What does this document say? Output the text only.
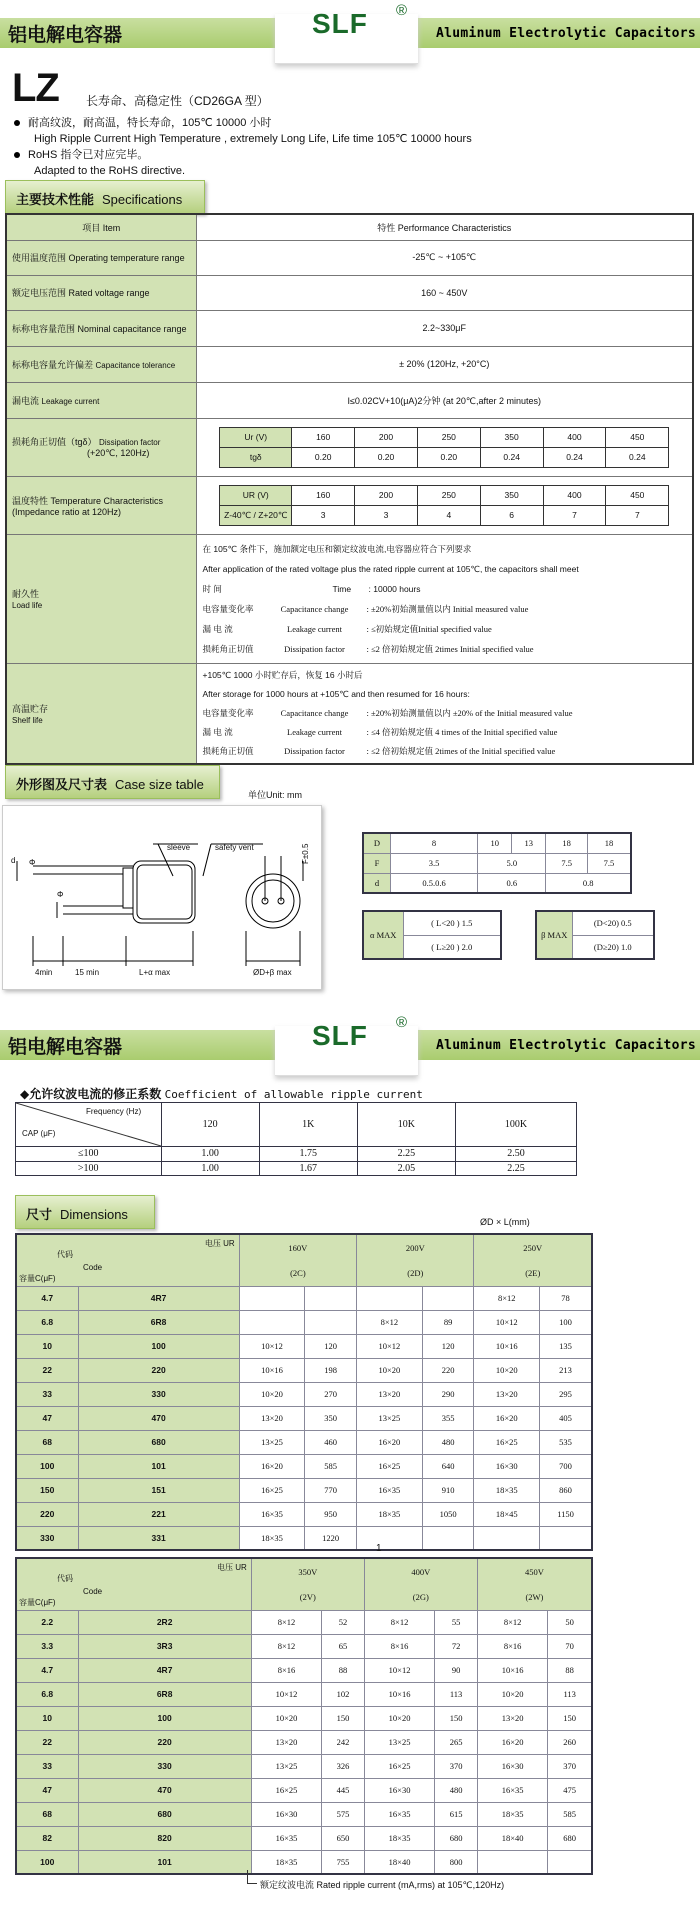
铝电解电容器	SLF ®
Aluminum Electrolytic Capacitors
LZ 长寿命、高稳定性（CD26GA 型）
耐高纹波，耐高温，特长寿命，105℃ 10000 小时
High Ripple Current High Temperature , extremely Long Life, Life time 105℃ 10000 hours
RoHS 指令已对应完毕。
Adapted to the RoHS directive.
主要技术性能 Specifications
项目 Item	特性 Performance Characteristics
使用温度范围 Operating temperature range	-25℃ ~ +105℃
额定电压范围 Rated voltage range	160 ~ 450V
标称电容量范围 Nominal capacitance range	2.2~330μF
标称电容量允许偏差 Capacitance tolerance	± 20% (120Hz, +20°C)
漏电流 Leakage current	I≤0.02CV+10(μA)2分钟 (at 20℃,after 2 minutes)
损耗角正切值（tgδ） Dissipation factor
(+20℃, 120Hz)	
Ur (V)	160	200	250	350	400	450
tgδ	0.20	0.20	0.20	0.24	0.24	0.24

温度特性 Temperature Characteristics
(Impedance ratio at 120Hz)	
UR (V)	160	200	250	350	400	450
Z-40℃ / Z+20℃	3	3	4	6	7	7

耐久性
Load life	
在 105℃ 条件下，施加额定电压和额定纹波电流,电容器应符合下列要求
After application of the rated voltage plus the rated ripple current at 105℃, the capacitors shall meet
时 间	Time : 10000 hours
电容量变化率	Capacitance change : ±20%初始测量值以内 Initial measured value
漏 电 流	Leakage current	: ≤初始规定值Initial specified value
损耗角正切值	Dissipation factor	: ≤2 倍初始规定值 2times Initial specified value

高温贮存
Shelf life	
+105℃ 1000 小时贮存后，恢复 16 小时后
After storage for 1000 hours at +105℃ and then resumed for 16 hours:
电容量变化率	Capacitance change : ±20%初始测量值以内 ±20% of the Initial measured value
漏 电 流	Leakage current	: ≤4 倍初始规定值 4 times of the Initial specified value
损耗角正切值	Dissipation factor	: ≤2 倍初始规定值 2times of the Initial specified value
外形图及尺寸表 Case size table
单位Unit: mm
sleeve	safety vent
d Φ
Φ
F±0.5
4min	15 min	L+α max	ØD+β max
D	8	10	13	18	18
F	3.5	5.0		7.5	7.5
d	0.5.0.6	0.6		0.8	
α MAX	( L<20 ) 1.5
( L≥20 ) 2.0
β MAX	(D<20) 0.5
(D≥20) 1.0
铝电解电容器	SLF ®
Aluminum Electrolytic Capacitors
◆允许纹波电流的修正系数 Coefficient of allowable ripple current
Frequency (Hz)
CAP (μF)
	120	1K	10K	100K
≤100	1.00	1.75	2.25	2.50
>100	1.00	1.67	2.05	2.25
尺寸 Dimensions	ØD × L(mm)
电压 UR
代码
Code
容量C(μF)		160V		200V		250V	
		(2C)		(2D)		(2E)	
4.7	4R7					8×12	78
6.8	6R8			8×12	89	10×12	100
10	100	10×12	120	10×12	120	10×16	135
22	220	10×16	198	10×20	220	10×20	213
33	330	10×20	270	13×20	290	13×20	295
47	470	13×20	350	13×25	355	16×20	405
68	680	13×25	460	16×20	480	16×25	535
100	101	16×20	585	16×25	640	16×30	700
150	151	16×25	770	16×35	910	18×35	860
220	221	16×35	950	18×35	1050	18×45	1150
330	331	18×35	1220				
1
电压 UR
代码
Code
容量C(μF)		350V		400V		450V	
		(2V)		(2G)		(2W)	
2.2	2R2	8×12	52	8×12	55	8×12	50
3.3	3R3	8×12	65	8×16	72	8×16	70
4.7	4R7	8×16	88	10×12	90	10×16	88
6.8	6R8	10×12	102	10×16	113	10×20	113
10	100	10×20	150	10×20	150	13×20	150
22	220	13×20	242	13×25	265	16×20	260
33	330	13×25	326	16×25	370	16×30	370
47	470	16×25	445	16×30	480	16×35	475
68	680	16×30	575	16×35	615	18×35	585
82	820	16×35	650	18×35	680	18×40	680
100	101	18×35	755	18×40	800		
额定纹波电流 Rated ripple current (mA,rms) at 105℃,120Hz)
